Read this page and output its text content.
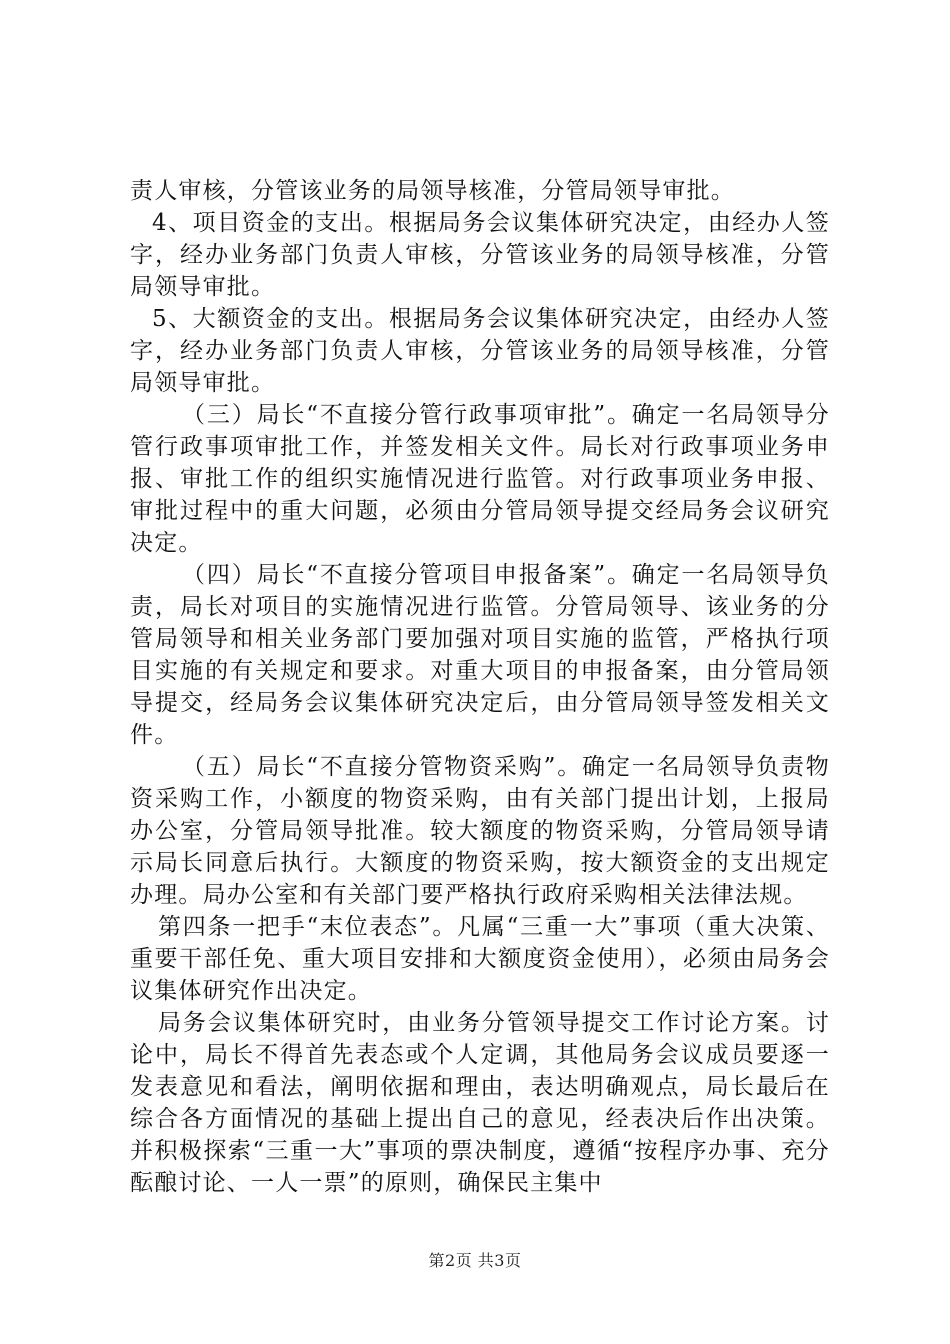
责人审核，分管该业务的局领导核准，分管局领导审批。

4、项目资金的支出。根据局务会议集体研究决定，由经办人签字，经办业务部门负责人审核，分管该业务的局领导核准，分管局领导审批。

5、大额资金的支出。根据局务会议集体研究决定，由经办人签字，经办业务部门负责人审核，分管该业务的局领导核准，分管局领导审批。

（三）局长“不直接分管行政事项审批”。确定一名局领导分管行政事项审批工作，并签发相关文件。局长对行政事项业务申报、审批工作的组织实施情况进行监管。对行政事项业务申报、审批过程中的重大问题，必须由分管局领导提交经局务会议研究决定。

（四）局长“不直接分管项目申报备案”。确定一名局领导负责，局长对项目的实施情况进行监管。分管局领导、该业务的分管局领导和相关业务部门要加强对项目实施的监管，严格执行项目实施的有关规定和要求。对重大项目的申报备案，由分管局领导提交，经局务会议集体研究决定后，由分管局领导签发相关文件。

（五）局长“不直接分管物资采购”。确定一名局领导负责物资采购工作，小额度的物资采购，由有关部门提出计划，上报局办公室，分管局领导批准。较大额度的物资采购，分管局领导请示局长同意后执行。大额度的物资采购，按大额资金的支出规定办理。局办公室和有关部门要严格执行政府采购相关法律法规。

第四条一把手“末位表态”。凡属“三重一大”事项（重大决策、重要干部任免、重大项目安排和大额度资金使用），必须由局务会议集体研究作出决定。

局务会议集体研究时，由业务分管领导提交工作讨论方案。讨论中，局长不得首先表态或个人定调，其他局务会议成员要逐一发表意见和看法，阐明依据和理由，表达明确观点，局长最后在综合各方面情况的基础上提出自己的意见，经表决后作出决策。并积极探索“三重一大”事项的票决制度，遵循“按程序办事、充分酝酿讨论、一人一票”的原则，确保民主集中

第2页 共3页
